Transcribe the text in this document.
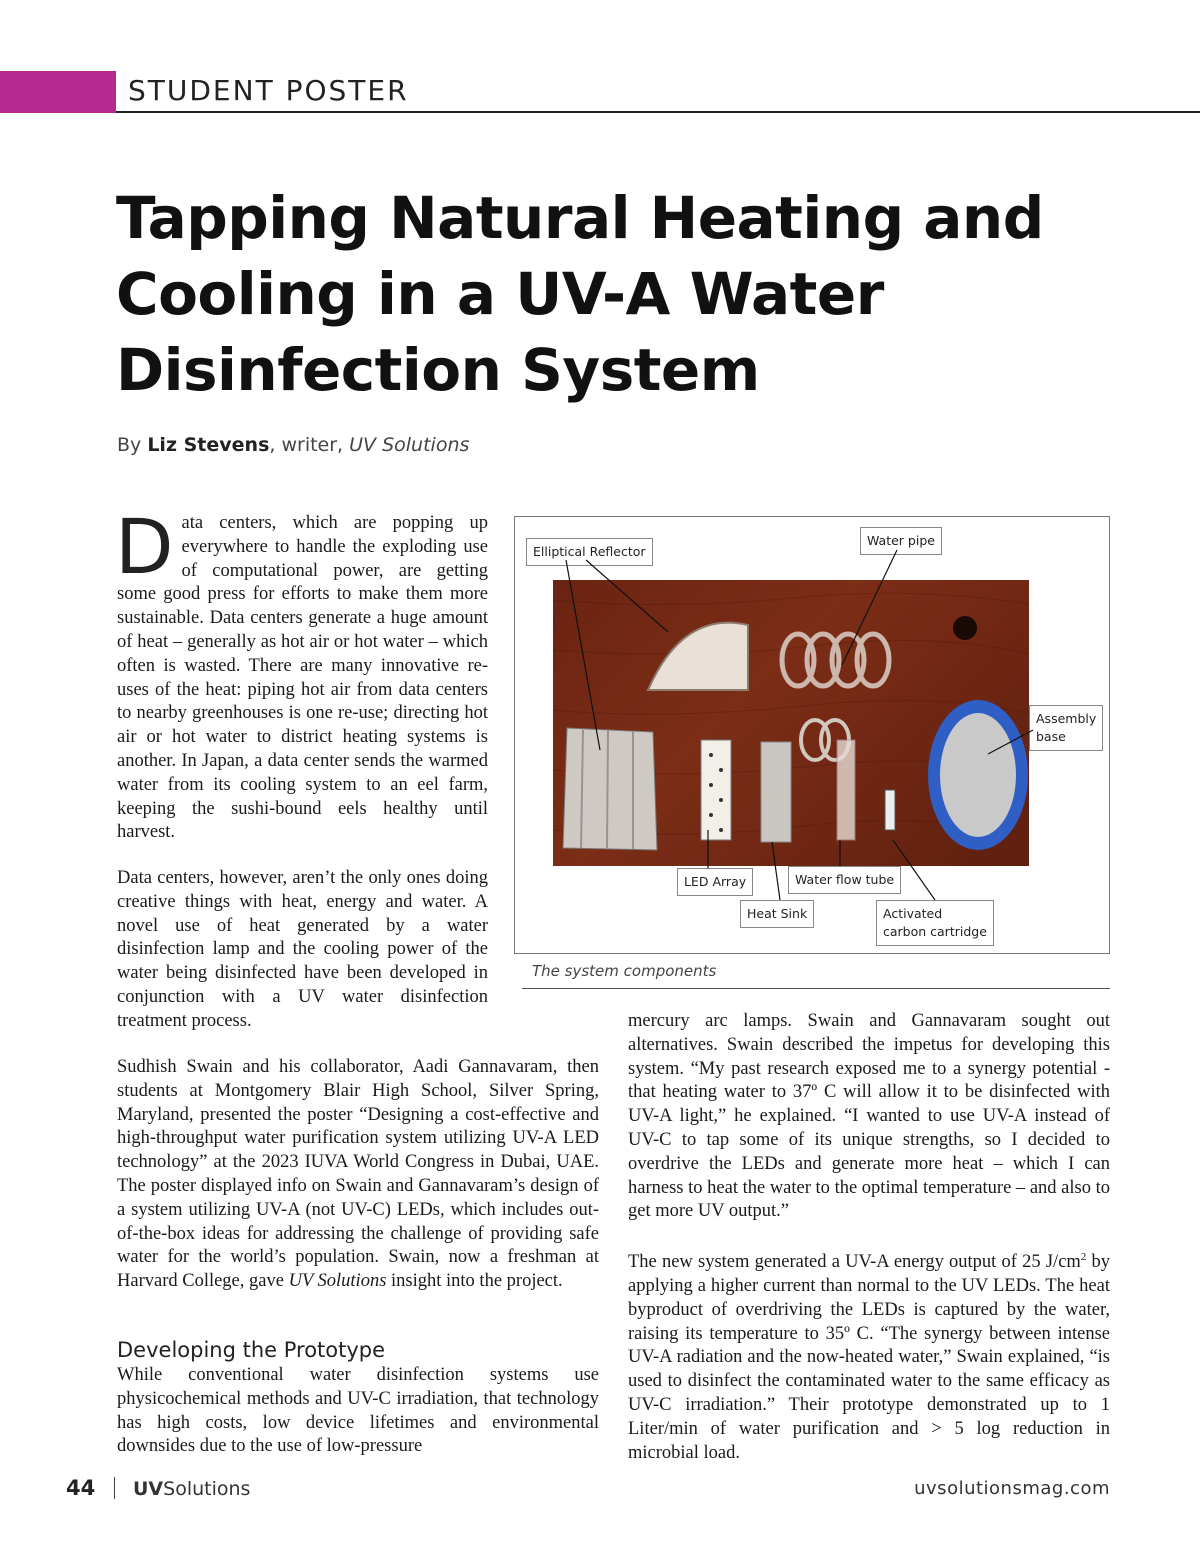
STUDENT POSTER
Tapping Natural Heating and Cooling in a UV-A Water Disinfection System
By Liz Stevens, writer, UV Solutions

Data centers, which are popping up everywhere to handle the exploding use of computational power, are getting some good press for efforts to make them more sustainable. Data centers generate a huge amount of heat – generally as hot air or hot water – which often is wasted. There are many innovative re-uses of the heat: piping hot air from data centers to nearby greenhouses is one re-use; directing hot air or hot water to district heating systems is another. In Japan, a data center sends the warmed water from its cooling system to an eel farm, keeping the sushi-bound eels healthy until harvest.

Data centers, however, aren’t the only ones doing creative things with heat, energy and water. A novel use of heat generated by a water disinfection lamp and the cooling power of the water being disinfected have been developed in conjunction with a UV water disinfection treatment process.

Sudhish Swain and his collaborator, Aadi Gannavaram, then students at Montgomery Blair High School, Silver Spring, Maryland, presented the poster “Designing a cost-effective and high-throughput water purification system utilizing UV-A LED technology” at the 2023 IUVA World Congress in Dubai, UAE. The poster displayed info on Swain and Gannavaram’s design of a system utilizing UV-A (not UV-C) LEDs, which includes out-of-the-box ideas for addressing the challenge of providing safe water for the world’s population. Swain, now a freshman at Harvard College, gave UV Solutions insight into the project.

Developing the Prototype

While conventional water disinfection systems use physicochemical methods and UV-C irradiation, that technology has high costs, low device lifetimes and environmental downsides due to the use of low-pressure

mercury arc lamps. Swain and Gannavaram sought out alternatives. Swain described the impetus for developing this system. “My past research exposed me to a synergy potential - that heating water to 37º C will allow it to be disinfected with UV-A light,” he explained. “I wanted to use UV-A instead of UV-C to tap some of its unique strengths, so I decided to overdrive the LEDs and generate more heat – which I can harness to heat the water to the optimal temperature – and also to get more UV output.”

The new system generated a UV-A energy output of 25 $J/cm^2$ by applying a higher current than normal to the UV LEDs. The heat byproduct of overdriving the LEDs is captured by the water, raising its temperature to 35º C. “The synergy between intense UV-A radiation and the now-heated water,” Swain explained, “is used to disinfect the contaminated water to the same efficacy as UV-C irradiation.” Their prototype demonstrated up to 1 Liter/min of water purification and > 5 log reduction in microbial load.

Elliptical Reflector
Water pipe
Assembly base
LED Array	Water flow tube
Heat Sink	Activated carbon cartridge
The system components
44 UVSolutions	uvsolutionsmag.com
